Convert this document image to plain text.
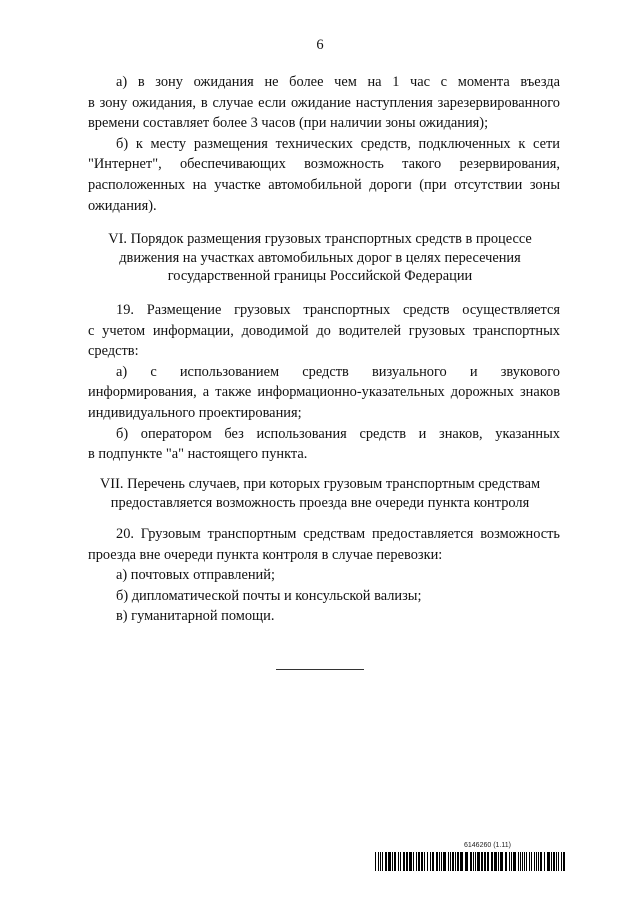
6

а) в зону ожидания не более чем на 1 час с момента въезда

в зону ожидания, в случае если ожидание наступления зарезервированного

времени составляет более 3 часов (при наличии зоны ожидания);

б) к месту размещения технических средств, подключенных к сети

"Интернет", обеспечивающих возможность такого резервирования,

расположенных на участке автомобильной дороги (при отсутствии зоны

ожидания).

VI. Порядок размещения грузовых транспортных средств в процессе
движения на участках автомобильных дорог в целях пересечения
государственной границы Российской Федерации

19. Размещение грузовых транспортных средств осуществляется

с учетом информации, доводимой до водителей грузовых транспортных

средств:

а) с использованием средств визуального и звукового

информирования, а также информационно-указательных дорожных знаков

индивидуального проектирования;

б) оператором без использования средств и знаков, указанных

в подпункте "а" настоящего пункта.

VII. Перечень случаев, при которых грузовым транспортным средствам
предоставляется возможность проезда вне очереди пункта контроля

20. Грузовым транспортным средствам предоставляется возможность

проезда вне очереди пункта контроля в случае перевозки:

а) почтовых отправлений;

б) дипломатической почты и консульской вализы;

в) гуманитарной помощи.

6146260 (1.11)
